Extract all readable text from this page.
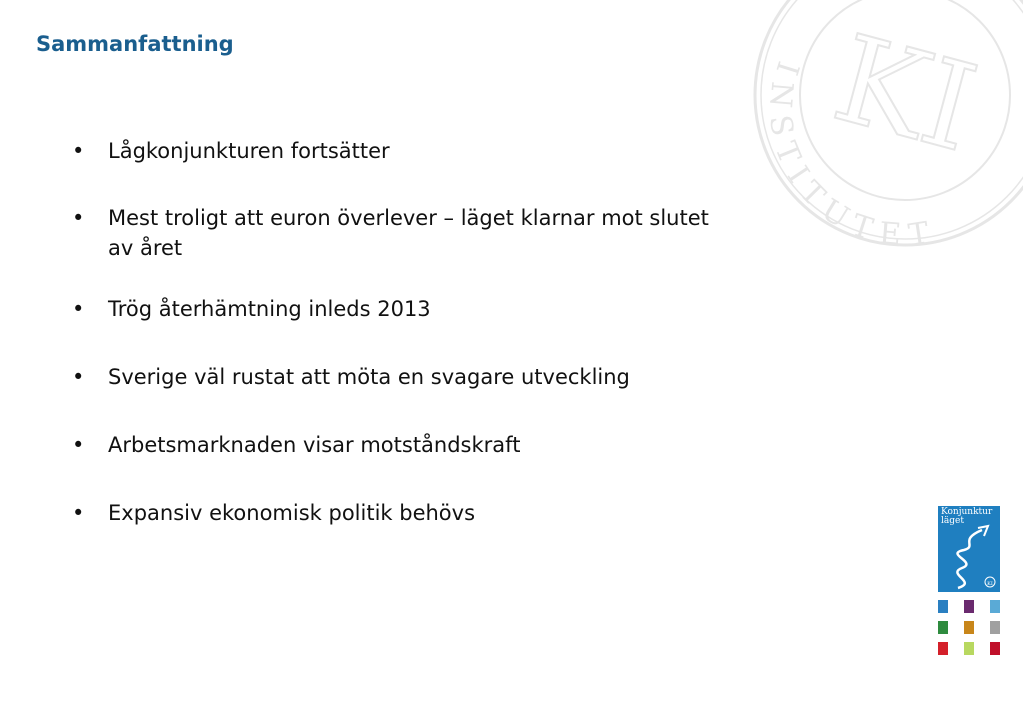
Sammanfattning	KI
INSTITUTET
• Lågkonjunkturen fortsätter
• Mest troligt att euron överlever – läget klarnar mot slutet av året
• Trög återhämtning inleds 2013
• Sverige väl rustat att möta en svagare utveckling
• Arbetsmarknaden visar motståndskraft
• Expansiv ekonomisk politik behövs
KI
Konjunktur läget
